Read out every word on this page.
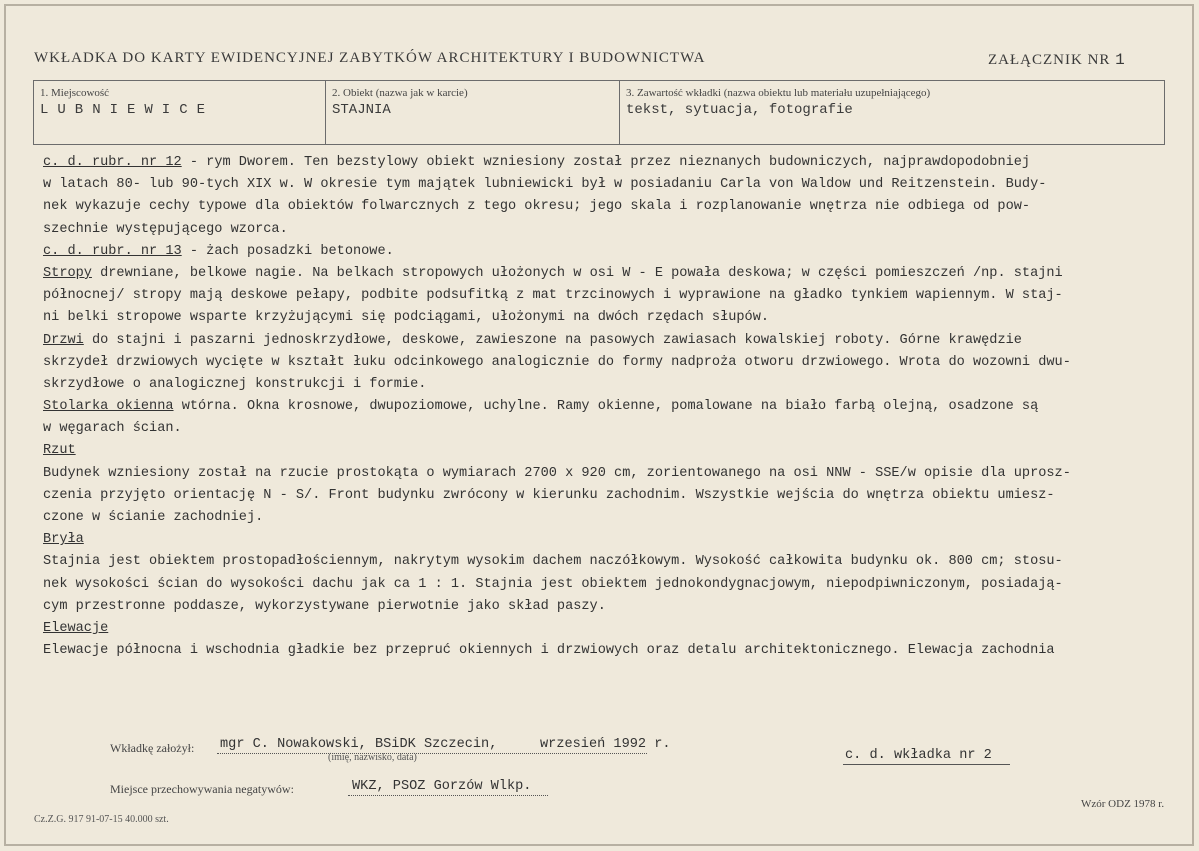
WKŁADKA DO KARTY EWIDENCYJNEJ ZABYTKÓW ARCHITEKTURY I BUDOWNICTWA	ZAŁĄCZNIK NR 1
1. Miejscowość
LUBNIEWICE
2. Obiekt (nazwa jak w karcie)
STAJNIA
3. Zawartość wkładki (nazwa obiektu lub materiału uzupełniającego)
tekst, sytuacja, fotografie
c. d. rubr. nr 12 - rym Dworem. Ten bezstylowy obiekt wzniesiony został przez nieznanych budowniczych, najprawdopodobniej
w latach 80- lub 90-tych XIX w. W okresie tym majątek lubniewicki był w posiadaniu Carla von Waldow und Reitzenstein. Budy-
nek wykazuje cechy typowe dla obiektów folwarcznych z tego okresu; jego skala i rozplanowanie wnętrza nie odbiega od pow-
szechnie występującego wzorca.
c. d. rubr. nr 13 - żach posadzki betonowe.
Stropy drewniane, belkowe nagie. Na belkach stropowych ułożonych w osi W - E powała deskowa; w części pomieszczeń /np. stajni
północnej/ stropy mają deskowe pełapy, podbite podsufitką z mat trzcinowych i wyprawione na gładko tynkiem wapiennym. W staj-
ni belki stropowe wsparte krzyżującymi się podciągami, ułożonymi na dwóch rzędach słupów.
Drzwi do stajni i paszarni jednoskrzydłowe, deskowe, zawieszone na pasowych zawiasach kowalskiej roboty. Górne krawędzie
skrzydeł drzwiowych wycięte w kształt łuku odcinkowego analogicznie do formy nadproża otworu drzwiowego. Wrota do wozowni dwu-
skrzydłowe o analogicznej konstrukcji i formie.
Stolarka okienna wtórna. Okna krosnowe, dwupoziomowe, uchylne. Ramy okienne, pomalowane na biało farbą olejną, osadzone są
w węgarach ścian.
Rzut
Budynek wzniesiony został na rzucie prostokąta o wymiarach 2700 x 920 cm, zorientowanego na osi NNW - SSE/w opisie dla uprosz-
czenia przyjęto orientację N - S/. Front budynku zwrócony w kierunku zachodnim. Wszystkie wejścia do wnętrza obiektu umiesz-
czone w ścianie zachodniej.
Bryła
Stajnia jest obiektem prostopadłościennym, nakrytym wysokim dachem naczółkowym. Wysokość całkowita budynku ok. 800 cm; stosu-
nek wysokości ścian do wysokości dachu jak ca 1 : 1. Stajnia jest obiektem jednokondygnacjowym, niepodpiwniczonym, posiadają-
cym przestronne poddasze, wykorzystywane pierwotnie jako skład paszy.
Elewacje
Elewacje północna i wschodnia gładkie bez przepruć okiennych i drzwiowych oraz detalu architektonicznego. Elewacja zachodnia
Wkładkę założył: mgr C. Nowakowski, BSiDK Szczecin,	wrzesień 1992 r.
(imię, nazwisko, data)	c. d. wkładka nr 2
Miejsce przechowywania negatywów:	WKZ, PSOZ Gorzów Wlkp.
Cz.Z.G. 917 91-07-15 40.000 szt.
Wzór ODZ 1978 r.
